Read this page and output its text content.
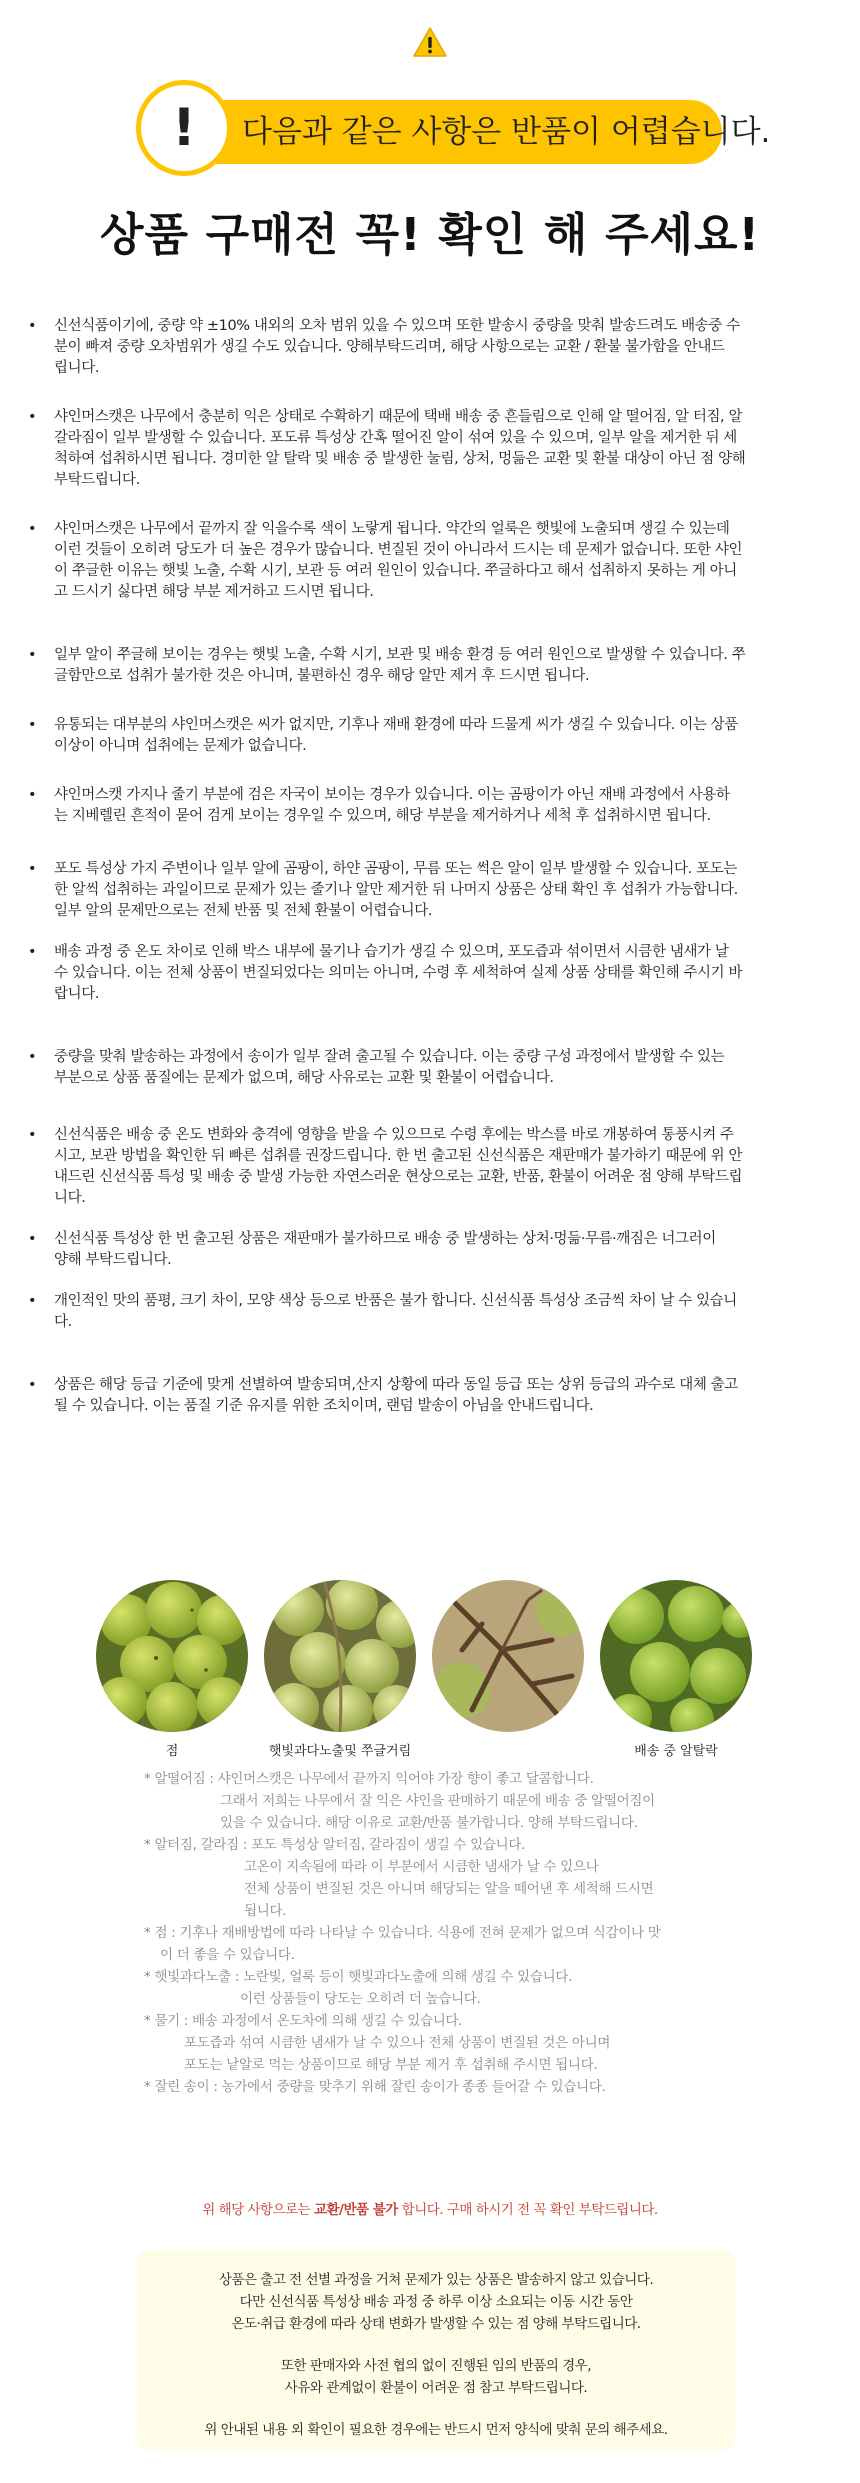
!	다음과 같은 사항은 반품이 어렵습니다.
상품 구매전 꼭! 확인 해 주세요!
• 신선식품이기에, 중량 약 ±10% 내외의 오차 범위 있을 수 있으며 또한 발송시 중량을 맞춰 발송드려도 배송중 수
분이 빠져 중량 오차범위가 생길 수도 있습니다. 양해부탁드리며, 해당 사항으로는 교환 / 환불 불가함을 안내드
립니다.
• 샤인머스캣은 나무에서 충분히 익은 상태로 수확하기 때문에 택배 배송 중 흔들림으로 인해 알 떨어짐, 알 터짐, 알
갈라짐이 일부 발생할 수 있습니다. 포도류 특성상 간혹 떨어진 알이 섞여 있을 수 있으며, 일부 알을 제거한 뒤 세
척하여 섭취하시면 됩니다. 경미한 알 탈락 및 배송 중 발생한 눌림, 상처, 멍듦은 교환 및 환불 대상이 아닌 점 양해
부탁드립니다.
• 샤인머스캣은 나무에서 끝까지 잘 익을수록 색이 노랗게 됩니다. 약간의 얼룩은 햇빛에 노출되며 생길 수 있는데
이런 것들이 오히려 당도가 더 높은 경우가 많습니다. 변질된 것이 아니라서 드시는 데 문제가 없습니다. 또한 샤인
이 쭈글한 이유는 햇빛 노출, 수확 시기, 보관 등 여러 원인이 있습니다. 쭈글하다고 해서 섭취하지 못하는 게 아니
고 드시기 싫다면 해당 부분 제거하고 드시면 됩니다.
• 일부 알이 쭈글해 보이는 경우는 햇빛 노출, 수확 시기, 보관 및 배송 환경 등 여러 원인으로 발생할 수 있습니다. 쭈
글함만으로 섭취가 불가한 것은 아니며, 불편하신 경우 해당 알만 제거 후 드시면 됩니다.
• 유통되는 대부분의 샤인머스캣은 씨가 없지만, 기후나 재배 환경에 따라 드물게 씨가 생길 수 있습니다. 이는 상품
이상이 아니며 섭취에는 문제가 없습니다.
• 샤인머스캣 가지나 줄기 부분에 검은 자국이 보이는 경우가 있습니다. 이는 곰팡이가 아닌 재배 과정에서 사용하
는 지베렐린 흔적이 묻어 검게 보이는 경우일 수 있으며, 해당 부분을 제거하거나 세척 후 섭취하시면 됩니다.
• 포도 특성상 가지 주변이나 일부 알에 곰팡이, 하얀 곰팡이, 무름 또는 썩은 알이 일부 발생할 수 있습니다. 포도는
한 알씩 섭취하는 과일이므로 문제가 있는 줄기나 알만 제거한 뒤 나머지 상품은 상태 확인 후 섭취가 가능합니다.
일부 알의 문제만으로는 전체 반품 및 전체 환불이 어렵습니다.
• 배송 과정 중 온도 차이로 인해 박스 내부에 물기나 습기가 생길 수 있으며, 포도즙과 섞이면서 시큼한 냄새가 날
수 있습니다. 이는 전체 상품이 변질되었다는 의미는 아니며, 수령 후 세척하여 실제 상품 상태를 확인해 주시기 바
랍니다.
• 중량을 맞춰 발송하는 과정에서 송이가 일부 잘려 출고될 수 있습니다. 이는 중량 구성 과정에서 발생할 수 있는
부분으로 상품 품질에는 문제가 없으며, 해당 사유로는 교환 및 환불이 어렵습니다.
• 신선식품은 배송 중 온도 변화와 충격에 영향을 받을 수 있으므로 수령 후에는 박스를 바로 개봉하여 통풍시켜 주
시고, 보관 방법을 확인한 뒤 빠른 섭취를 권장드립니다. 한 번 출고된 신선식품은 재판매가 불가하기 때문에 위 안
내드린 신선식품 특성 및 배송 중 발생 가능한 자연스러운 현상으로는 교환, 반품, 환불이 어려운 점 양해 부탁드립
니다.
• 신선식품 특성상 한 번 출고된 상품은 재판매가 불가하므로 배송 중 발생하는 상처·멍듦·무름·깨짐은 너그러이
양해 부탁드립니다.
• 개인적인 맛의 품평, 크기 차이, 모양 색상 등으로 반품은 불가 합니다. 신선식품 특성상 조금씩 차이 날 수 있습니
다.
• 상품은 해당 등급 기준에 맞게 선별하여 발송되며,산지 상황에 따라 동일 등급 또는 상위 등급의 과수로 대체 출고
될 수 있습니다. 이는 품질 기준 유지를 위한 조치이며, 랜덤 발송이 아님을 안내드립니다.
점	햇빛과다노출및 쭈글거림	배송 중 알탈락
* 알떨어짐 : 샤인머스캣은 나무에서 끝까지 익어야 가장 향이 좋고 달콤합니다.
그래서 저희는 나무에서 잘 익은 샤인을 판매하기 때문에 배송 중 알떨어짐이
있을 수 있습니다. 해당 이유로 교환/반품 불가합니다. 양해 부탁드립니다.
* 알터짐, 갈라짐 : 포도 특성상 알터짐, 갈라짐이 생길 수 있습니다.
고온이 지속됨에 따라 이 부분에서 시큼한 냄새가 날 수 있으나
전체 상품이 변질된 것은 아니며 해당되는 알을 떼어낸 후 세척해 드시면
됩니다.
* 점 : 기후나 재배방법에 따라 나타날 수 있습니다. 식용에 전혀 문제가 없으며 식감이나 맛
이 더 좋을 수 있습니다.
* 햇빛과다노출 : 노란빛, 얼룩 등이 햇빛과다노출에 의해 생길 수 있습니다.
이런 상품들이 당도는 오히려 더 높습니다.
* 물기 : 배송 과정에서 온도차에 의해 생길 수 있습니다.
포도즙과 섞여 시큼한 냄새가 날 수 있으나 전체 상품이 변질된 것은 아니며
포도는 낱알로 먹는 상품이므로 해당 부분 제거 후 섭취해 주시면 됩니다.
* 잘린 송이 : 농가에서 중량을 맞추기 위해 잘린 송이가 종종 들어갈 수 있습니다.
위 해당 사항으로는 교환/반품 불가 합니다. 구매 하시기 전 꼭 확인 부탁드립니다.
상품은 출고 전 선별 과정을 거쳐 문제가 있는 상품은 발송하지 않고 있습니다.
다만 신선식품 특성상 배송 과정 중 하루 이상 소요되는 이동 시간 동안
온도·취급 환경에 따라 상태 변화가 발생할 수 있는 점 양해 부탁드립니다.
또한 판매자와 사전 협의 없이 진행된 임의 반품의 경우,
사유와 관계없이 환불이 어려운 점 참고 부탁드립니다.
위 안내된 내용 외 확인이 필요한 경우에는 반드시 먼저 양식에 맞춰 문의 해주세요.
